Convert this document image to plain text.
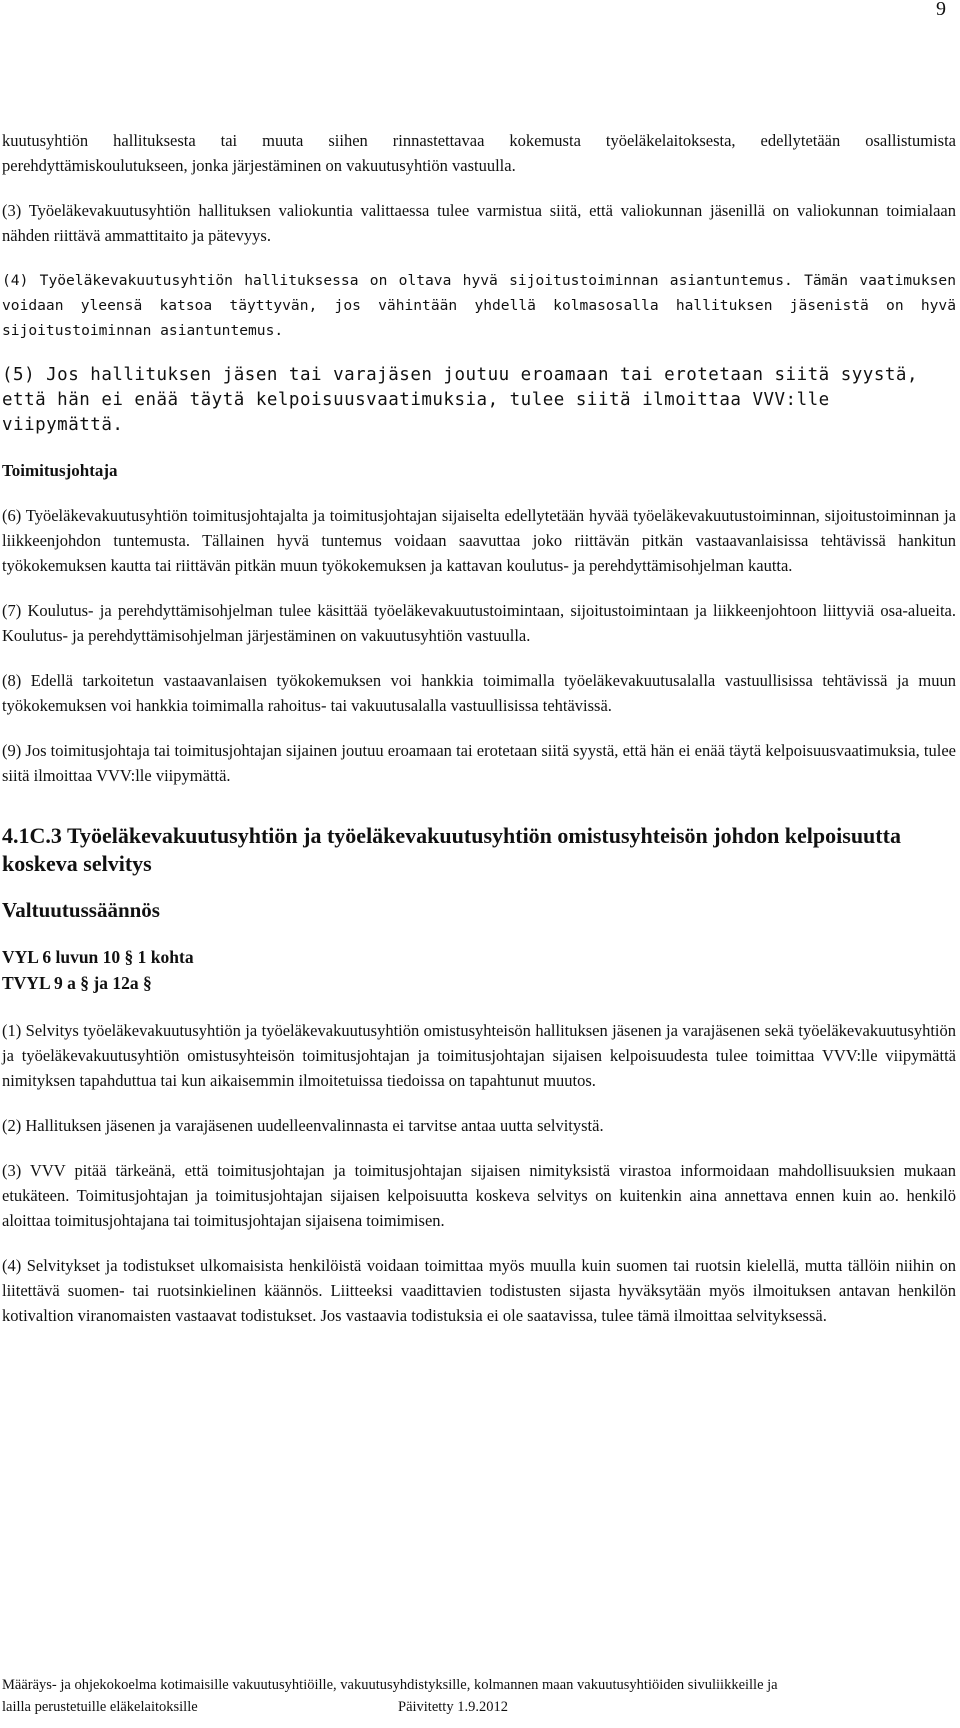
9

kuutusyhtiön hallituksesta tai muuta siihen rinnastettavaa kokemusta työeläkelaitoksesta, edellytetään osallistumista perehdyttämiskoulutukseen, jonka järjestäminen on vakuutusyhtiön vastuulla.

(3) Työeläkevakuutusyhtiön hallituksen valiokuntia valittaessa tulee varmistua siitä, että valiokunnan jäsenillä on valiokunnan toimialaan nähden riittävä ammattitaito ja pätevyys.

(4) Työeläkevakuutusyhtiön hallituksessa on oltava hyvä sijoitustoiminnan asiantuntemus. Tämän vaatimuksen voidaan yleensä katsoa täyttyvän, jos vähintään yhdellä kolmasosalla hallituksen jäsenistä on hyvä sijoitustoiminnan asiantuntemus.

(5) Jos hallituksen jäsen tai varajäsen joutuu eroamaan tai erotetaan siitä syystä, että hän ei enää täytä kelpoisuusvaatimuksia, tulee siitä ilmoittaa VVV:lle viipymättä.

Toimitusjohtaja

(6) Työeläkevakuutusyhtiön toimitusjohtajalta ja toimitusjohtajan sijaiselta edellytetään hyvää työeläkevakuutustoiminnan, sijoitustoiminnan ja liikkeenjohdon tuntemusta. Tällainen hyvä tuntemus voidaan saavuttaa joko riittävän pitkän vastaavanlaisissa tehtävissä hankitun työkokemuksen kautta tai riittävän pitkän muun työkokemuksen ja kattavan koulutus- ja perehdyttämisohjelman kautta.

(7) Koulutus- ja perehdyttämisohjelman tulee käsittää työeläkevakuutustoimintaan, sijoitustoimintaan ja liikkeenjohtoon liittyviä osa-alueita. Koulutus- ja perehdyttämisohjelman järjestäminen on vakuutusyhtiön vastuulla.

(8) Edellä tarkoitetun vastaavanlaisen työkokemuksen voi hankkia toimimalla työeläkevakuutusalalla vastuullisissa tehtävissä ja muun työkokemuksen voi hankkia toimimalla rahoitus- tai vakuutusalalla vastuullisissa tehtävissä.

(9) Jos toimitusjohtaja tai toimitusjohtajan sijainen joutuu eroamaan tai erotetaan siitä syystä, että hän ei enää täytä kelpoisuusvaatimuksia, tulee siitä ilmoittaa VVV:lle viipymättä.

4.1C.3 Työeläkevakuutusyhtiön ja työeläkevakuutusyhtiön omistusyhteisön johdon kelpoisuutta koskeva selvitys
Valtuutussäännös

VYL 6 luvun 10 § 1 kohta

TVYL 9 a § ja 12a §

(1) Selvitys työeläkevakuutusyhtiön ja työeläkevakuutusyhtiön omistusyhteisön hallituksen jäsenen ja varajäsenen sekä työeläkevakuutusyhtiön ja työeläkevakuutusyhtiön omistusyhteisön toimitusjohtajan ja toimitusjohtajan sijaisen kelpoisuudesta tulee toimittaa VVV:lle viipymättä nimityksen tapahduttua tai kun aikaisemmin ilmoitetuissa tiedoissa on tapahtunut muutos.

(2) Hallituksen jäsenen ja varajäsenen uudelleenvalinnasta ei tarvitse antaa uutta selvitystä.

(3) VVV pitää tärkeänä, että toimitusjohtajan ja toimitusjohtajan sijaisen nimityksistä virastoa informoidaan mahdollisuuksien mukaan etukäteen. Toimitusjohtajan ja toimitusjohtajan sijaisen kelpoisuutta koskeva selvitys on kuitenkin aina annettava ennen kuin ao. henkilö aloittaa toimitusjohtajana tai toimitusjohtajan sijaisena toimimisen.

(4) Selvitykset ja todistukset ulkomaisista henkilöistä voidaan toimittaa myös muulla kuin suomen tai ruotsin kielellä, mutta tällöin niihin on liitettävä suomen- tai ruotsinkielinen käännös. Liitteeksi vaadittavien todistusten sijasta hyväksytään myös ilmoituksen antavan henkilön kotivaltion viranomaisten vastaavat todistukset. Jos vastaavia todistuksia ei ole saatavissa, tulee tämä ilmoittaa selvityksessä.

Määräys- ja ohjekokoelma kotimaisille vakuutusyhtiöille, vakuutusyhdistyksille, kolmannen maan vakuutusyhtiöiden sivuliikkeille ja
lailla perustetuille eläkelaitoksille	Päivitetty 1.9.2012
